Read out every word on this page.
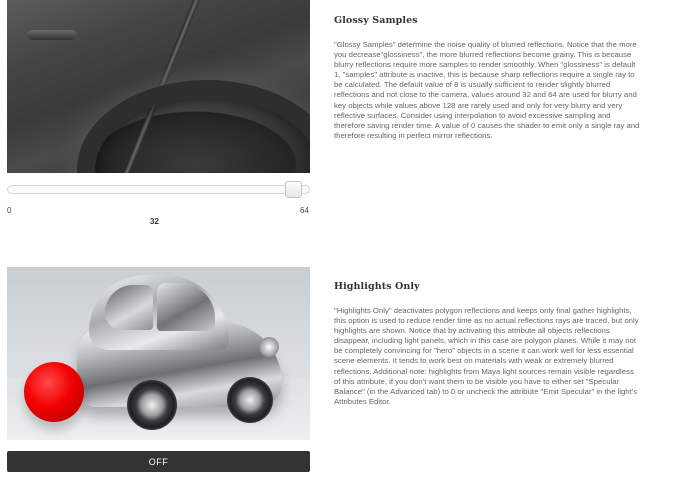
0	64
32
Glossy Samples

"Glossy Samples" determine the noise quality of blurred reflections. Notice that the more you decrease"glossiness", the more blurred reflections become grainy. This is because blurry reflections require more samples to render smoothly. When "glossiness" is default 1, "samples" attribute is inactive, this is because sharp reflections require a single ray to be calculated. The default value of 8 is usually sufficient to render slightly blurred reflections and not close to the camera, values around 32 and 64 are used for blurry and key objects while values above 128 are rarely used and only for very blurry and very reflective surfaces. Consider using interpolation to avoid excessive sampling and therefore saving render time. A value of 0 causes the shader to emit only a single ray and therefore resulting in perfect mirror reflections.

Highlights Only

"Highlights Only" deactivates polygon reflections and keeps only final gather highlights, this option is used to reduce render time as no actual reflections rays are traced, but only highlights are shown. Notice that by activating this attribute all objects reflections disappear, including light panels, which in this case are polygon planes. While it may not be completely convincing for "hero" objects in a scene it can work well for less essential scene elements. It tends to work best on materials with weak or extremely blurred reflections. Additional note: highlights from Maya light sources remain visible regardless of this attribute, if you don't want them to be visible you have to either set "Specular Balance" (in the Advanced tab) to 0 or uncheck the attribute "Emit Specular" in the light's Attributes Editor.

OFF
